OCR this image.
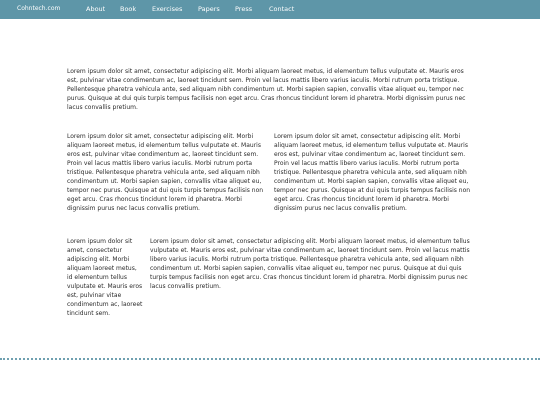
Cohntech.com	About Book Exercises Papers Press	Contact

Lorem ipsum dolor sit amet, consectetur adipiscing elit. Morbi aliquam laoreet metus, id elementum tellus vulputate et. Mauris eros est, pulvinar vitae condimentum ac, laoreet tincidunt sem. Proin vel lacus mattis libero varius iaculis. Morbi rutrum porta tristique. Pellentesque pharetra vehicula ante, sed aliquam nibh condimentum ut. Morbi sapien sapien, convallis vitae aliquet eu, tempor nec purus. Quisque at dui quis turpis tempus facilisis non eget arcu. Cras rhoncus tincidunt lorem id pharetra. Morbi dignissim purus nec lacus convallis pretium.

Lorem ipsum dolor sit amet, consectetur adipiscing elit. Morbi aliquam laoreet metus, id elementum tellus vulputate et. Mauris eros est, pulvinar vitae condimentum ac, laoreet tincidunt sem. Proin vel lacus mattis libero varius iaculis. Morbi rutrum porta tristique. Pellentesque pharetra vehicula ante, sed aliquam nibh condimentum ut. Morbi sapien sapien, convallis vitae aliquet eu, tempor nec purus. Quisque at dui quis turpis tempus facilisis non eget arcu. Cras rhoncus tincidunt lorem id pharetra. Morbi dignissim purus nec lacus convallis pretium.

Lorem ipsum dolor sit amet, consectetur adipiscing elit. Morbi aliquam laoreet metus, id elementum tellus vulputate et. Mauris eros est, pulvinar vitae condimentum ac, laoreet tincidunt sem. Proin vel lacus mattis libero varius iaculis. Morbi rutrum porta tristique. Pellentesque pharetra vehicula ante, sed aliquam nibh condimentum ut. Morbi sapien sapien, convallis vitae aliquet eu, tempor nec purus. Quisque at dui quis turpis tempus facilisis non eget arcu. Cras rhoncus tincidunt lorem id pharetra. Morbi dignissim purus nec lacus convallis pretium.

Lorem ipsum dolor sit amet, consectetur adipiscing elit. Morbi aliquam laoreet metus, id elementum tellus vulputate et. Mauris eros est, pulvinar vitae condimentum ac, laoreet tincidunt sem.

Lorem ipsum dolor sit amet, consectetur adipiscing elit. Morbi aliquam laoreet metus, id elementum tellus vulputate et. Mauris eros est, pulvinar vitae condimentum ac, laoreet tincidunt sem. Proin vel lacus mattis libero varius iaculis. Morbi rutrum porta tristique. Pellentesque pharetra vehicula ante, sed aliquam nibh condimentum ut. Morbi sapien sapien, convallis vitae aliquet eu, tempor nec purus. Quisque at dui quis turpis tempus facilisis non eget arcu. Cras rhoncus tincidunt lorem id pharetra. Morbi dignissim purus nec lacus convallis pretium.
